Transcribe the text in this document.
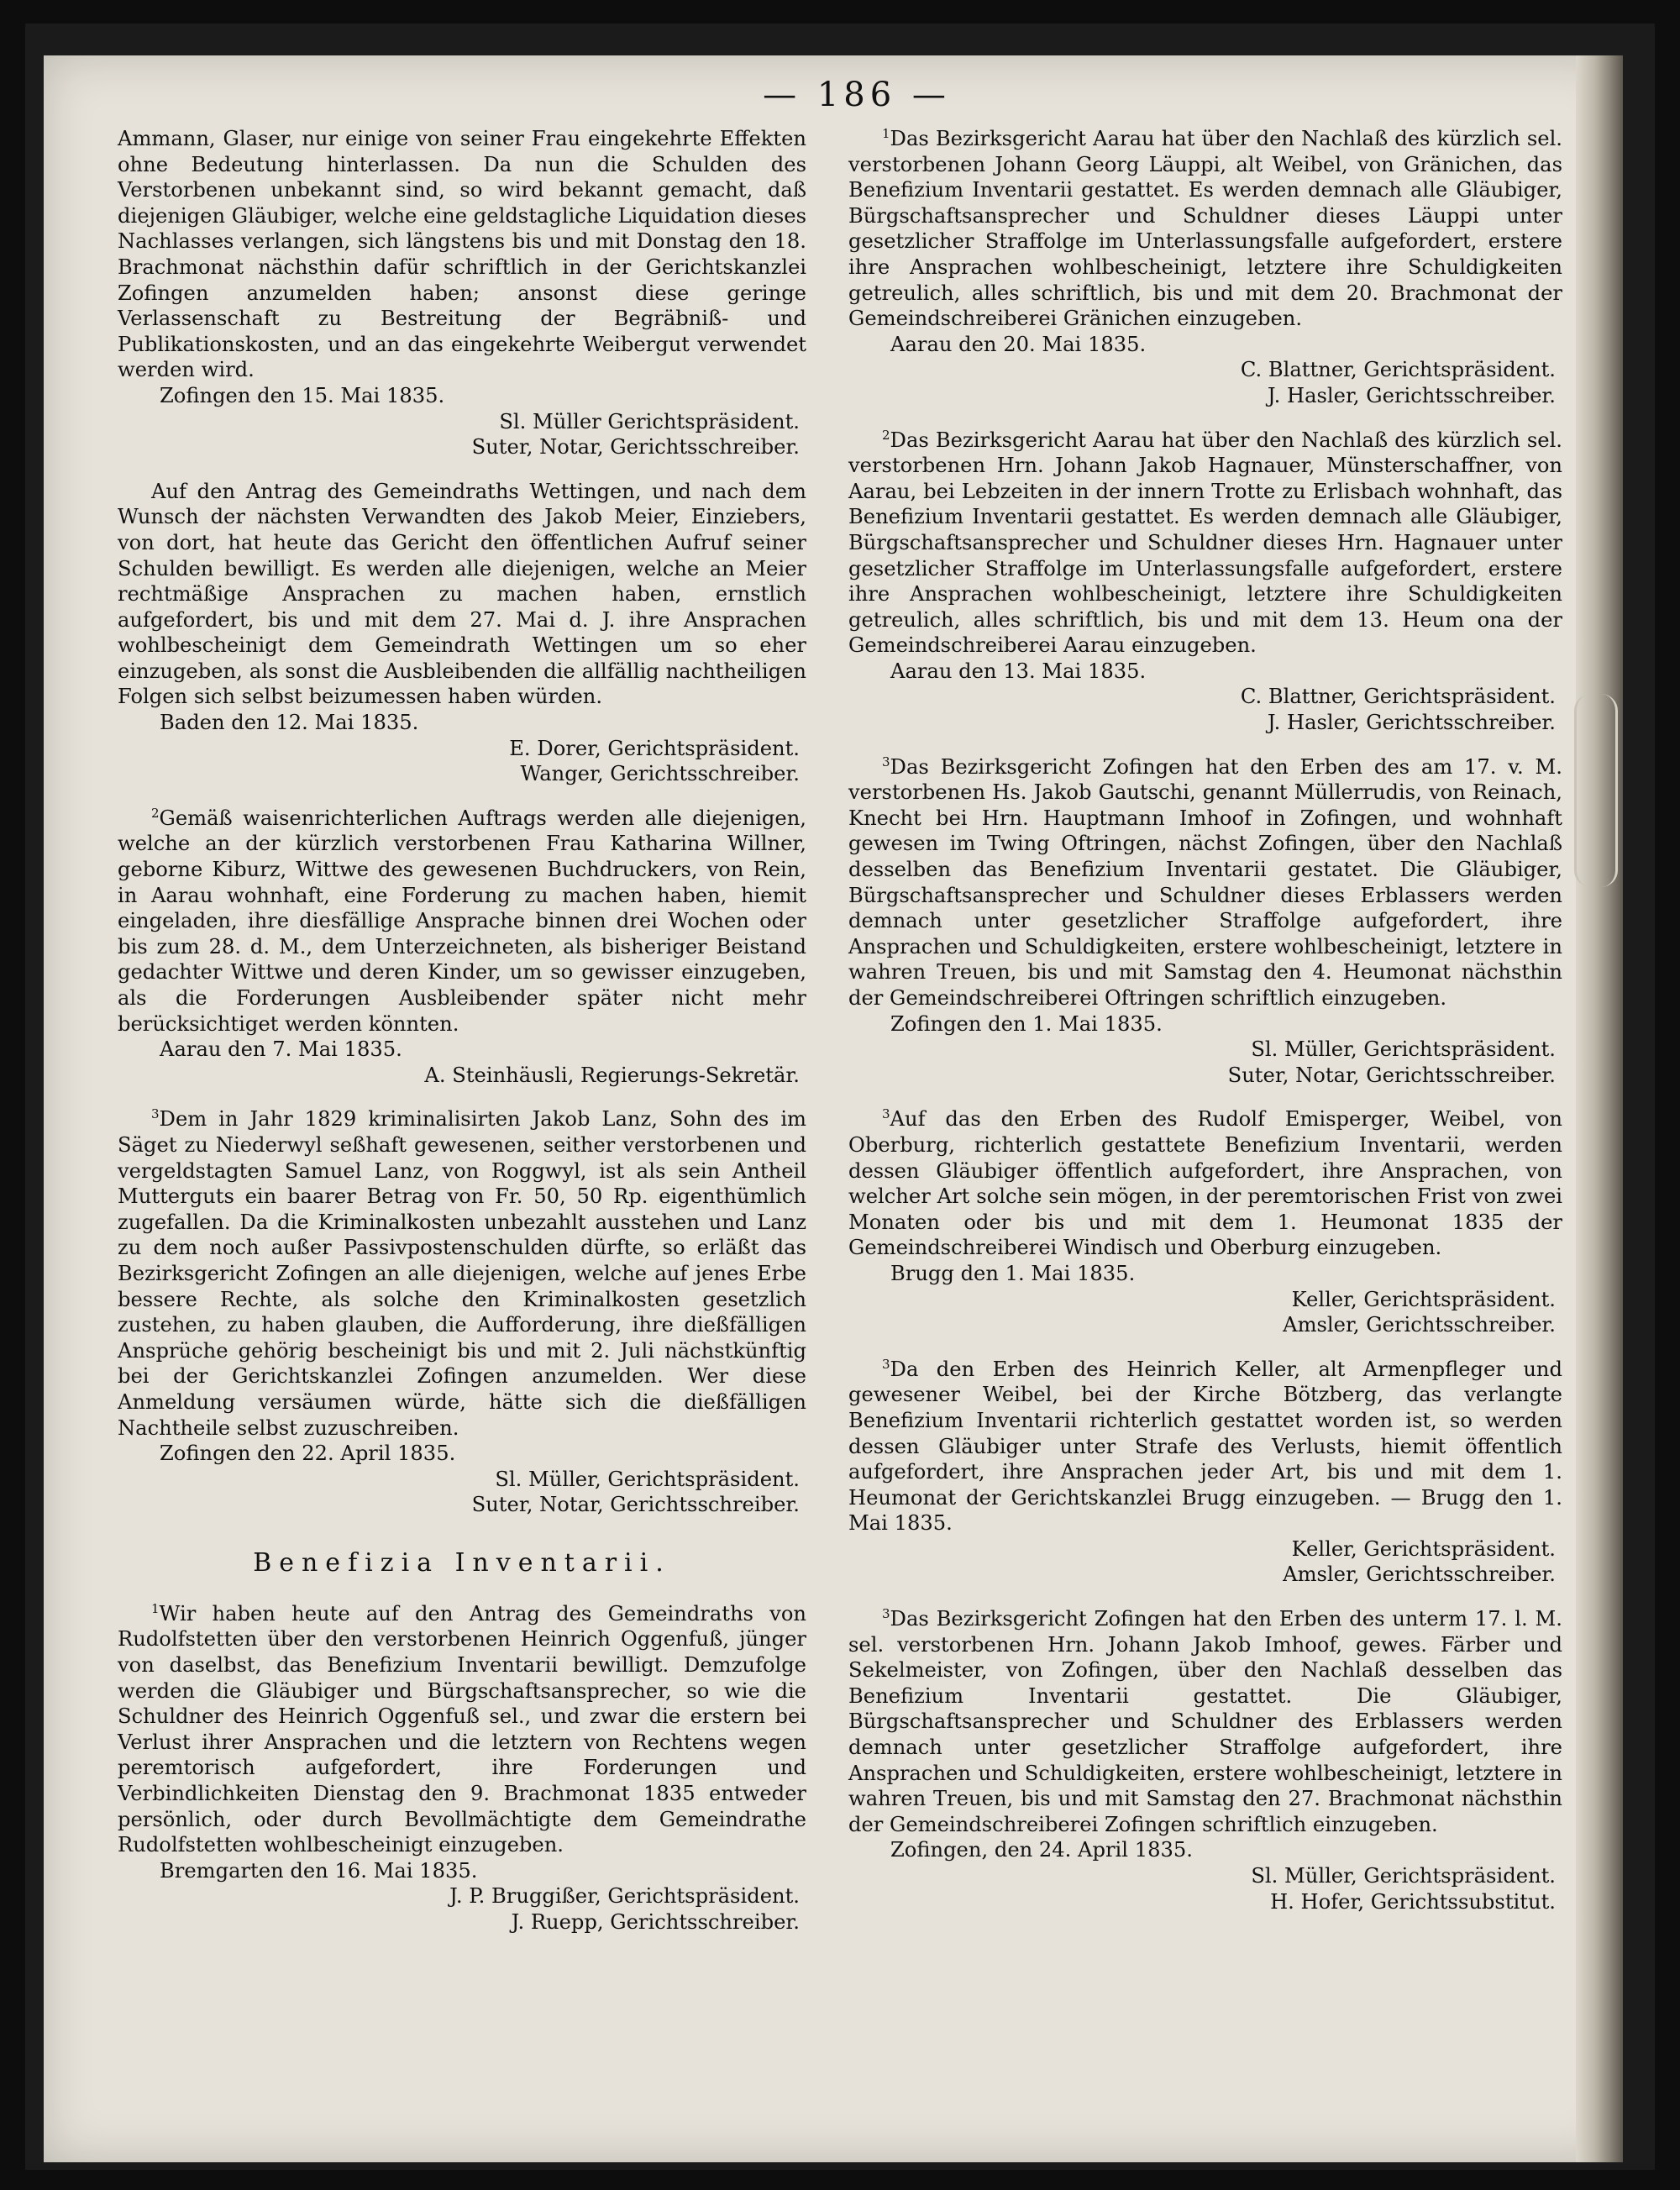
— 186 —

Ammann, Glaser, nur einige von seiner Frau eingekehrte Effekten ohne Bedeutung hinterlassen. Da nun die Schulden des Verstorbenen unbekannt sind, so wird bekannt gemacht, daß diejenigen Gläubiger, welche eine geldstagliche Liquidation dieses Nachlasses verlangen, sich längstens bis und mit Donstag den 18. Brachmonat nächsthin dafür schriftlich in der Gerichtskanzlei Zofingen anzumelden haben; ansonst diese geringe Verlassenschaft zu Bestreitung der Begräbniß- und Publikationskosten, und an das eingekehrte Weibergut verwendet werden wird.

Zofingen den 15. Mai 1835.

Sl. Müller Gerichtspräsident.

Suter, Notar, Gerichtsschreiber.

Auf den Antrag des Gemeindraths Wettingen, und nach dem Wunsch der nächsten Verwandten des Jakob Meier, Einziebers, von dort, hat heute das Gericht den öffentlichen Aufruf seiner Schulden bewilligt. Es werden alle diejenigen, welche an Meier rechtmäßige Ansprachen zu machen haben, ernstlich aufgefordert, bis und mit dem 27. Mai d. J. ihre Ansprachen wohlbescheinigt dem Gemeindrath Wettingen um so eher einzugeben, als sonst die Ausbleibenden die allfällig nachtheiligen Folgen sich selbst beizumessen haben würden.

Baden den 12. Mai 1835.

E. Dorer, Gerichtspräsident.

Wanger, Gerichtsschreiber.

$^2$Gemäß waisenrichterlichen Auftrags werden alle diejenigen, welche an der kürzlich verstorbenen Frau Katharina Willner, geborne Kiburz, Wittwe des gewesenen Buchdruckers, von Rein, in Aarau wohnhaft, eine Forderung zu machen haben, hiemit eingeladen, ihre diesfällige Ansprache binnen drei Wochen oder bis zum 28. d. M., dem Unterzeichneten, als bisheriger Beistand gedachter Wittwe und deren Kinder, um so gewisser einzugeben, als die Forderungen Ausbleibender später nicht mehr berücksichtiget werden könnten.

Aarau den 7. Mai 1835.

A. Steinhäusli, Regierungs-Sekretär.

$^3$Dem in Jahr 1829 kriminalisirten Jakob Lanz, Sohn des im Säget zu Niederwyl seßhaft gewesenen, seither verstorbenen und vergeldstagten Samuel Lanz, von Roggwyl, ist als sein Antheil Mutterguts ein baarer Betrag von Fr. 50, 50 Rp. eigenthümlich zugefallen. Da die Kriminalkosten unbezahlt ausstehen und Lanz zu dem noch außer Passivpostenschulden dürfte, so erläßt das Bezirksgericht Zofingen an alle diejenigen, welche auf jenes Erbe bessere Rechte, als solche den Kriminalkosten gesetzlich zustehen, zu haben glauben, die Aufforderung, ihre dießfälligen Ansprüche gehörig bescheinigt bis und mit 2. Juli nächstkünftig bei der Gerichtskanzlei Zofingen anzumelden. Wer diese Anmeldung versäumen würde, hätte sich die dießfälligen Nachtheile selbst zuzuschreiben.

Zofingen den 22. April 1835.

Sl. Müller, Gerichtspräsident.

Suter, Notar, Gerichtsschreiber.

Benefizia Inventarii.

$^1$Wir haben heute auf den Antrag des Gemeindraths von Rudolfstetten über den verstorbenen Heinrich Oggenfuß, jünger von daselbst, das Benefizium Inventarii bewilligt. Demzufolge werden die Gläubiger und Bürgschaftsansprecher, so wie die Schuldner des Heinrich Oggenfuß sel., und zwar die erstern bei Verlust ihrer Ansprachen und die letztern von Rechtens wegen peremtorisch aufgefordert, ihre Forderungen und Verbindlichkeiten Dienstag den 9. Brachmonat 1835 entweder persönlich, oder durch Bevollmächtigte dem Gemeindrathe Rudolfstetten wohlbescheinigt einzugeben.

Bremgarten den 16. Mai 1835.

J. P. Bruggißer, Gerichtspräsident.

J. Ruepp, Gerichtsschreiber.

$^1$Das Bezirksgericht Aarau hat über den Nachlaß des kürzlich sel. verstorbenen Johann Georg Läuppi, alt Weibel, von Gränichen, das Benefizium Inventarii gestattet. Es werden demnach alle Gläubiger, Bürgschaftsansprecher und Schuldner dieses Läuppi unter gesetzlicher Straffolge im Unterlassungsfalle aufgefordert, erstere ihre Ansprachen wohlbescheinigt, letztere ihre Schuldigkeiten getreulich, alles schriftlich, bis und mit dem 20. Brachmonat der Gemeindschreiberei Gränichen einzugeben.

Aarau den 20. Mai 1835.

C. Blattner, Gerichtspräsident.

J. Hasler, Gerichtsschreiber.

$^2$Das Bezirksgericht Aarau hat über den Nachlaß des kürzlich sel. verstorbenen Hrn. Johann Jakob Hagnauer, Münsterschaffner, von Aarau, bei Lebzeiten in der innern Trotte zu Erlisbach wohnhaft, das Benefizium Inventarii gestattet. Es werden demnach alle Gläubiger, Bürgschaftsansprecher und Schuldner dieses Hrn. Hagnauer unter gesetzlicher Straffolge im Unterlassungsfalle aufgefordert, erstere ihre Ansprachen wohlbescheinigt, letztere ihre Schuldigkeiten getreulich, alles schriftlich, bis und mit dem 13. Heum ona der Gemeindschreiberei Aarau einzugeben.

Aarau den 13. Mai 1835.

C. Blattner, Gerichtspräsident.

J. Hasler, Gerichtsschreiber.

$^3$Das Bezirksgericht Zofingen hat den Erben des am 17. v. M. verstorbenen Hs. Jakob Gautschi, genannt Müllerrudis, von Reinach, Knecht bei Hrn. Hauptmann Imhoof in Zofingen, und wohnhaft gewesen im Twing Oftringen, nächst Zofingen, über den Nachlaß desselben das Benefizium Inventarii gestatet. Die Gläubiger, Bürgschaftsansprecher und Schuldner dieses Erblassers werden demnach unter gesetzlicher Straffolge aufgefordert, ihre Ansprachen und Schuldigkeiten, erstere wohlbescheinigt, letztere in wahren Treuen, bis und mit Samstag den 4. Heumonat nächsthin der Gemeindschreiberei Oftringen schriftlich einzugeben.

Zofingen den 1. Mai 1835.

Sl. Müller, Gerichtspräsident.

Suter, Notar, Gerichtsschreiber.

$^3$Auf das den Erben des Rudolf Emisperger, Weibel, von Oberburg, richterlich gestattete Benefizium Inventarii, werden dessen Gläubiger öffentlich aufgefordert, ihre Ansprachen, von welcher Art solche sein mögen, in der peremtorischen Frist von zwei Monaten oder bis und mit dem 1. Heumonat 1835 der Gemeindschreiberei Windisch und Oberburg einzugeben.

Brugg den 1. Mai 1835.

Keller, Gerichtspräsident.

Amsler, Gerichtsschreiber.

$^3$Da den Erben des Heinrich Keller, alt Armenpfleger und gewesener Weibel, bei der Kirche Bötzberg, das verlangte Benefizium Inventarii richterlich gestattet worden ist, so werden dessen Gläubiger unter Strafe des Verlusts, hiemit öffentlich aufgefordert, ihre Ansprachen jeder Art, bis und mit dem 1. Heumonat der Gerichtskanzlei Brugg einzugeben. — Brugg den 1. Mai 1835.

Keller, Gerichtspräsident.

Amsler, Gerichtsschreiber.

$^3$Das Bezirksgericht Zofingen hat den Erben des unterm 17. l. M. sel. verstorbenen Hrn. Johann Jakob Imhoof, gewes. Färber und Sekelmeister, von Zofingen, über den Nachlaß desselben das Benefizium Inventarii gestattet. Die Gläubiger, Bürgschaftsansprecher und Schuldner des Erblassers werden demnach unter gesetzlicher Straffolge aufgefordert, ihre Ansprachen und Schuldigkeiten, erstere wohlbescheinigt, letztere in wahren Treuen, bis und mit Samstag den 27. Brachmonat nächsthin der Gemeindschreiberei Zofingen schriftlich einzugeben.

Zofingen, den 24. April 1835.

Sl. Müller, Gerichtspräsident.

H. Hofer, Gerichtssubstitut.
